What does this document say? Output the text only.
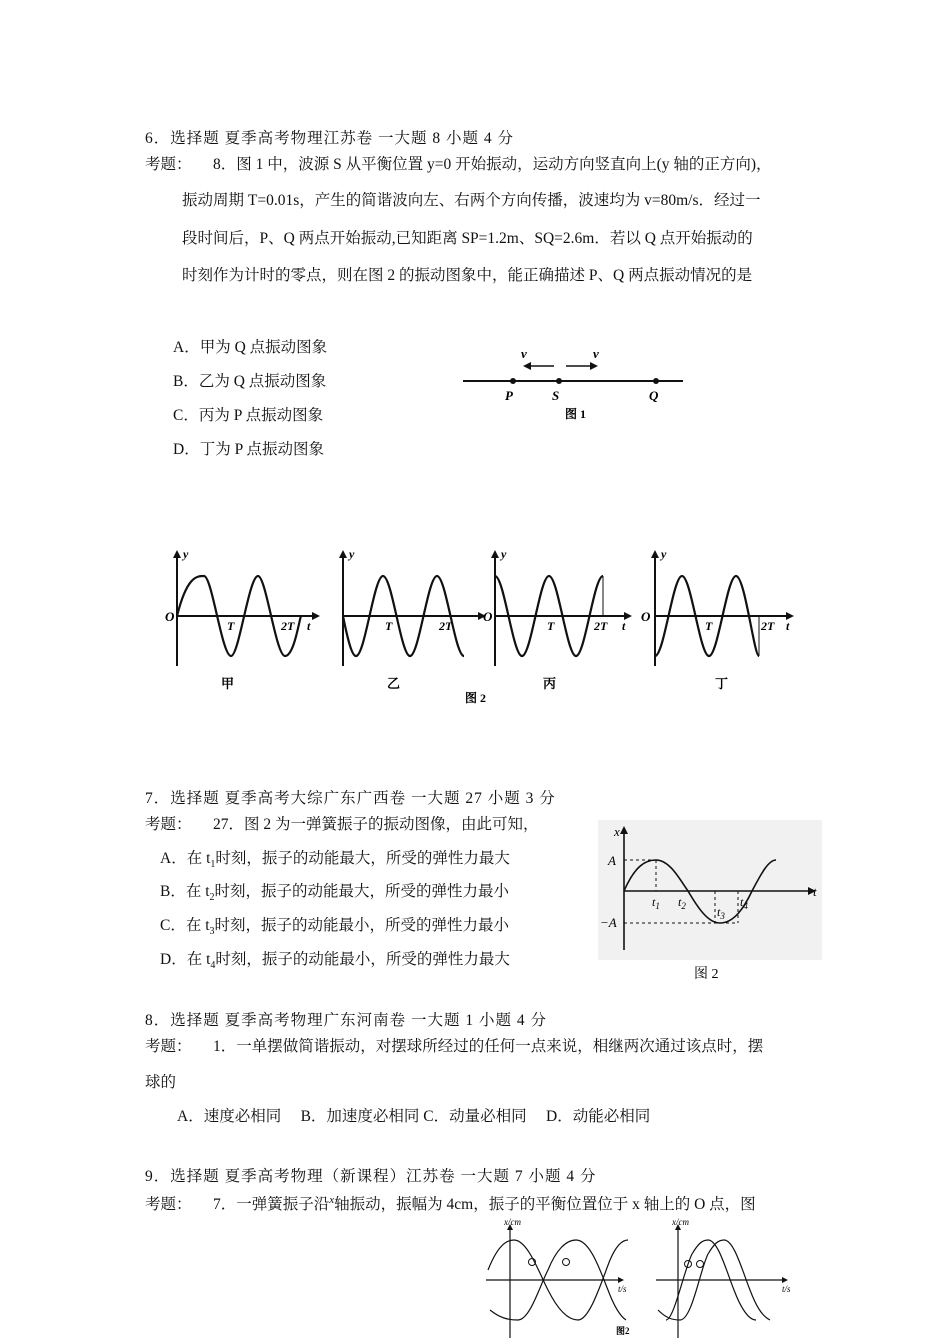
6．选择题 夏季高考物理江苏卷 一大题 8 小题 4 分
考题： 8．图 1 中，波源 S 从平衡位置 y=0 开始振动，运动方向竖直向上(y 轴的正方向)，
振动周期 T=0.01s，产生的简谐波向左、右两个方向传播，波速均为 v=80m/s．经过一
段时间后，P、Q 两点开始振动,已知距离 SP=1.2m、SQ=2.6m．若以 Q 点开始振动的
时刻作为计时的零点，则在图 2 的振动图象中，能正确描述 P、Q 两点振动情况的是
A．甲为 Q 点振动图象
B．乙为 Q 点振动图象
C．丙为 P 点振动图象
D．丁为 P 点振动图象
v	v
P	S	Q
图 1
O
y
T	2T t
甲
y
T	2T
乙
O
y
T	2T t
丙
O
y
T	2T t
丁
图 2
7．选择题 夏季高考大综广东广西卷 一大题 27 小题 3 分
考题： 27．图 2 为一弹簧振子的振动图像，由此可知，
A．在 $t_1$时刻，振子的动能最大，所受的弹性力最大
B．在 $t_2$时刻，振子的动能最大，所受的弹性力最小
C．在 $t_3$时刻，振子的动能最小，所受的弹性力最小
D．在 $t_4$时刻，振子的动能最小，所受的弹性力最大
x
A
−A
t
$t_1$ $t_2$	$t_3$
$t_4$
图 2
8．选择题 夏季高考物理广东河南卷 一大题 1 小题 4 分
考题： 1．一单摆做简谐振动，对摆球所经过的任何一点来说，相继两次通过该点时，摆
球的
A．速度必相同     B．加速度必相同 C．动量必相同     D．动能必相同
9．选择题 夏季高考物理（新课程）江苏卷 一大题 7 小题 4 分
考题： 7．一弹簧振子沿$^x$轴振动，振幅为 4cm，振子的平衡位置位于 x 轴上的 O 点，图
x/cm
t/s
x/cm
t/s
图2
